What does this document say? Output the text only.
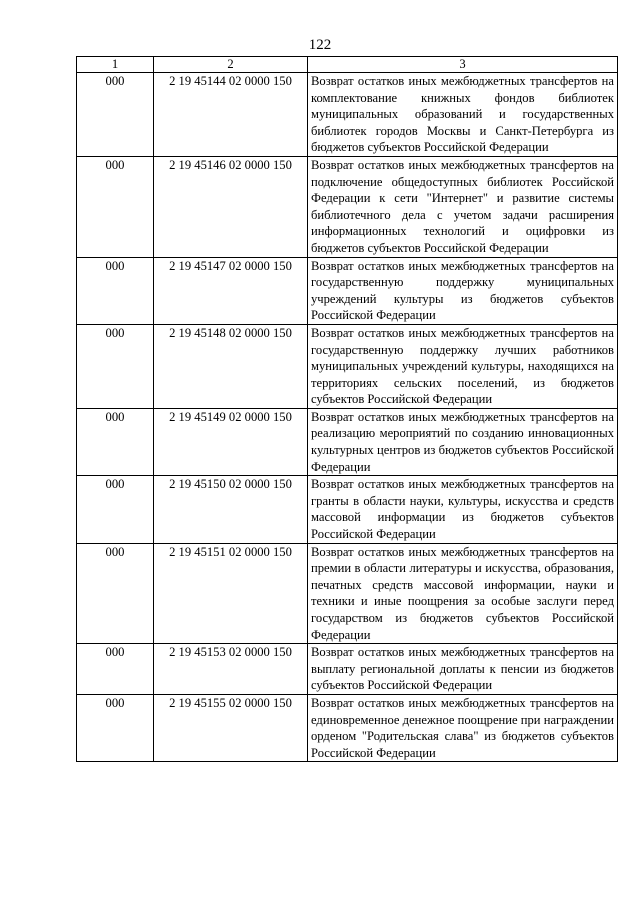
122
1	2	3
000	2 19 45144 02 0000 150	Возврат остатков иных межбюджетных трансфертов на комплектование книжных фондов библиотек муниципальных образований и государственных библиотек городов Москвы и Санкт-Петербурга из бюджетов субъектов Российской Федерации
000	2 19 45146 02 0000 150	Возврат остатков иных межбюджетных трансфертов на подключение общедоступных библиотек Российской Федерации к сети "Интернет" и развитие системы библиотечного дела с учетом задачи расширения информационных технологий и оцифровки из бюджетов субъектов Российской Федерации
000	2 19 45147 02 0000 150	Возврат остатков иных межбюджетных трансфертов на государственную поддержку муниципальных учреждений культуры из бюджетов субъектов Российской Федерации
000	2 19 45148 02 0000 150	Возврат остатков иных межбюджетных трансфертов на государственную поддержку лучших работников муниципальных учреждений культуры, находящихся на территориях сельских поселений, из бюджетов субъектов Российской Федерации
000	2 19 45149 02 0000 150	Возврат остатков иных межбюджетных трансфертов на реализацию мероприятий по созданию инновационных культурных центров из бюджетов субъектов Российской Федерации
000	2 19 45150 02 0000 150	Возврат остатков иных межбюджетных трансфертов на гранты в области науки, культуры, искусства и средств массовой информации из бюджетов субъектов Российской Федерации
000	2 19 45151 02 0000 150	Возврат остатков иных межбюджетных трансфертов на премии в области литературы и искусства, образования, печатных средств массовой информации, науки и техники и иные поощрения за особые заслуги перед государством из бюджетов субъектов Российской Федерации
000	2 19 45153 02 0000 150	Возврат остатков иных межбюджетных трансфертов на выплату региональной доплаты к пенсии из бюджетов субъектов Российской Федерации
000	2 19 45155 02 0000 150	Возврат остатков иных межбюджетных трансфертов на единовременное денежное поощрение при награждении орденом "Родительская слава" из бюджетов субъектов Российской Федерации
